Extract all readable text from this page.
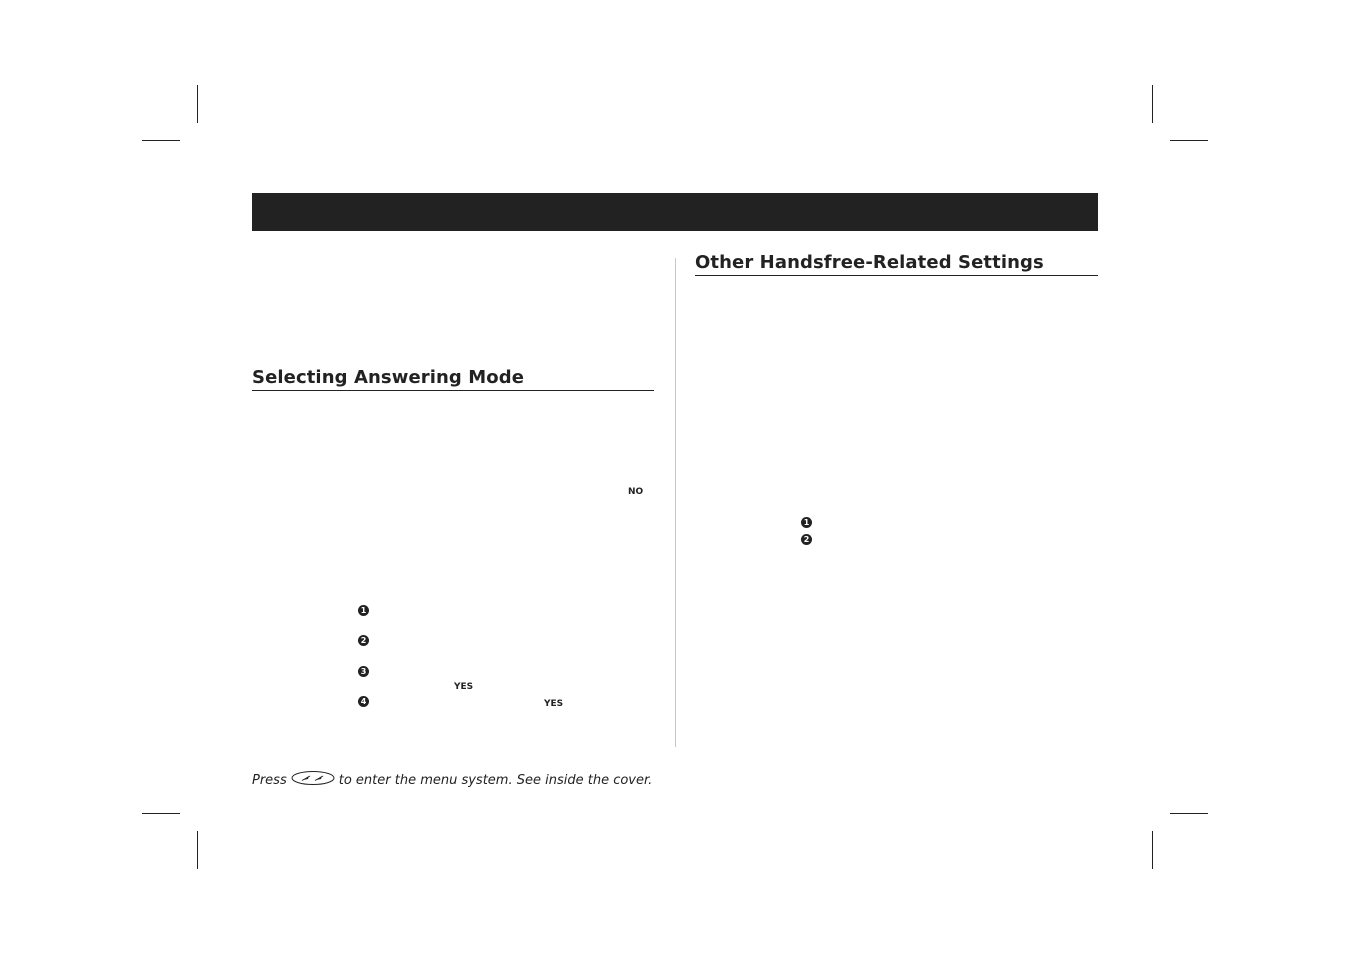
Other Handsfree-Related Settings
Selecting Answering Mode
NO
YES
YES
1
2
3
4
1
2
Press	to enter the menu system. See inside the cover.
